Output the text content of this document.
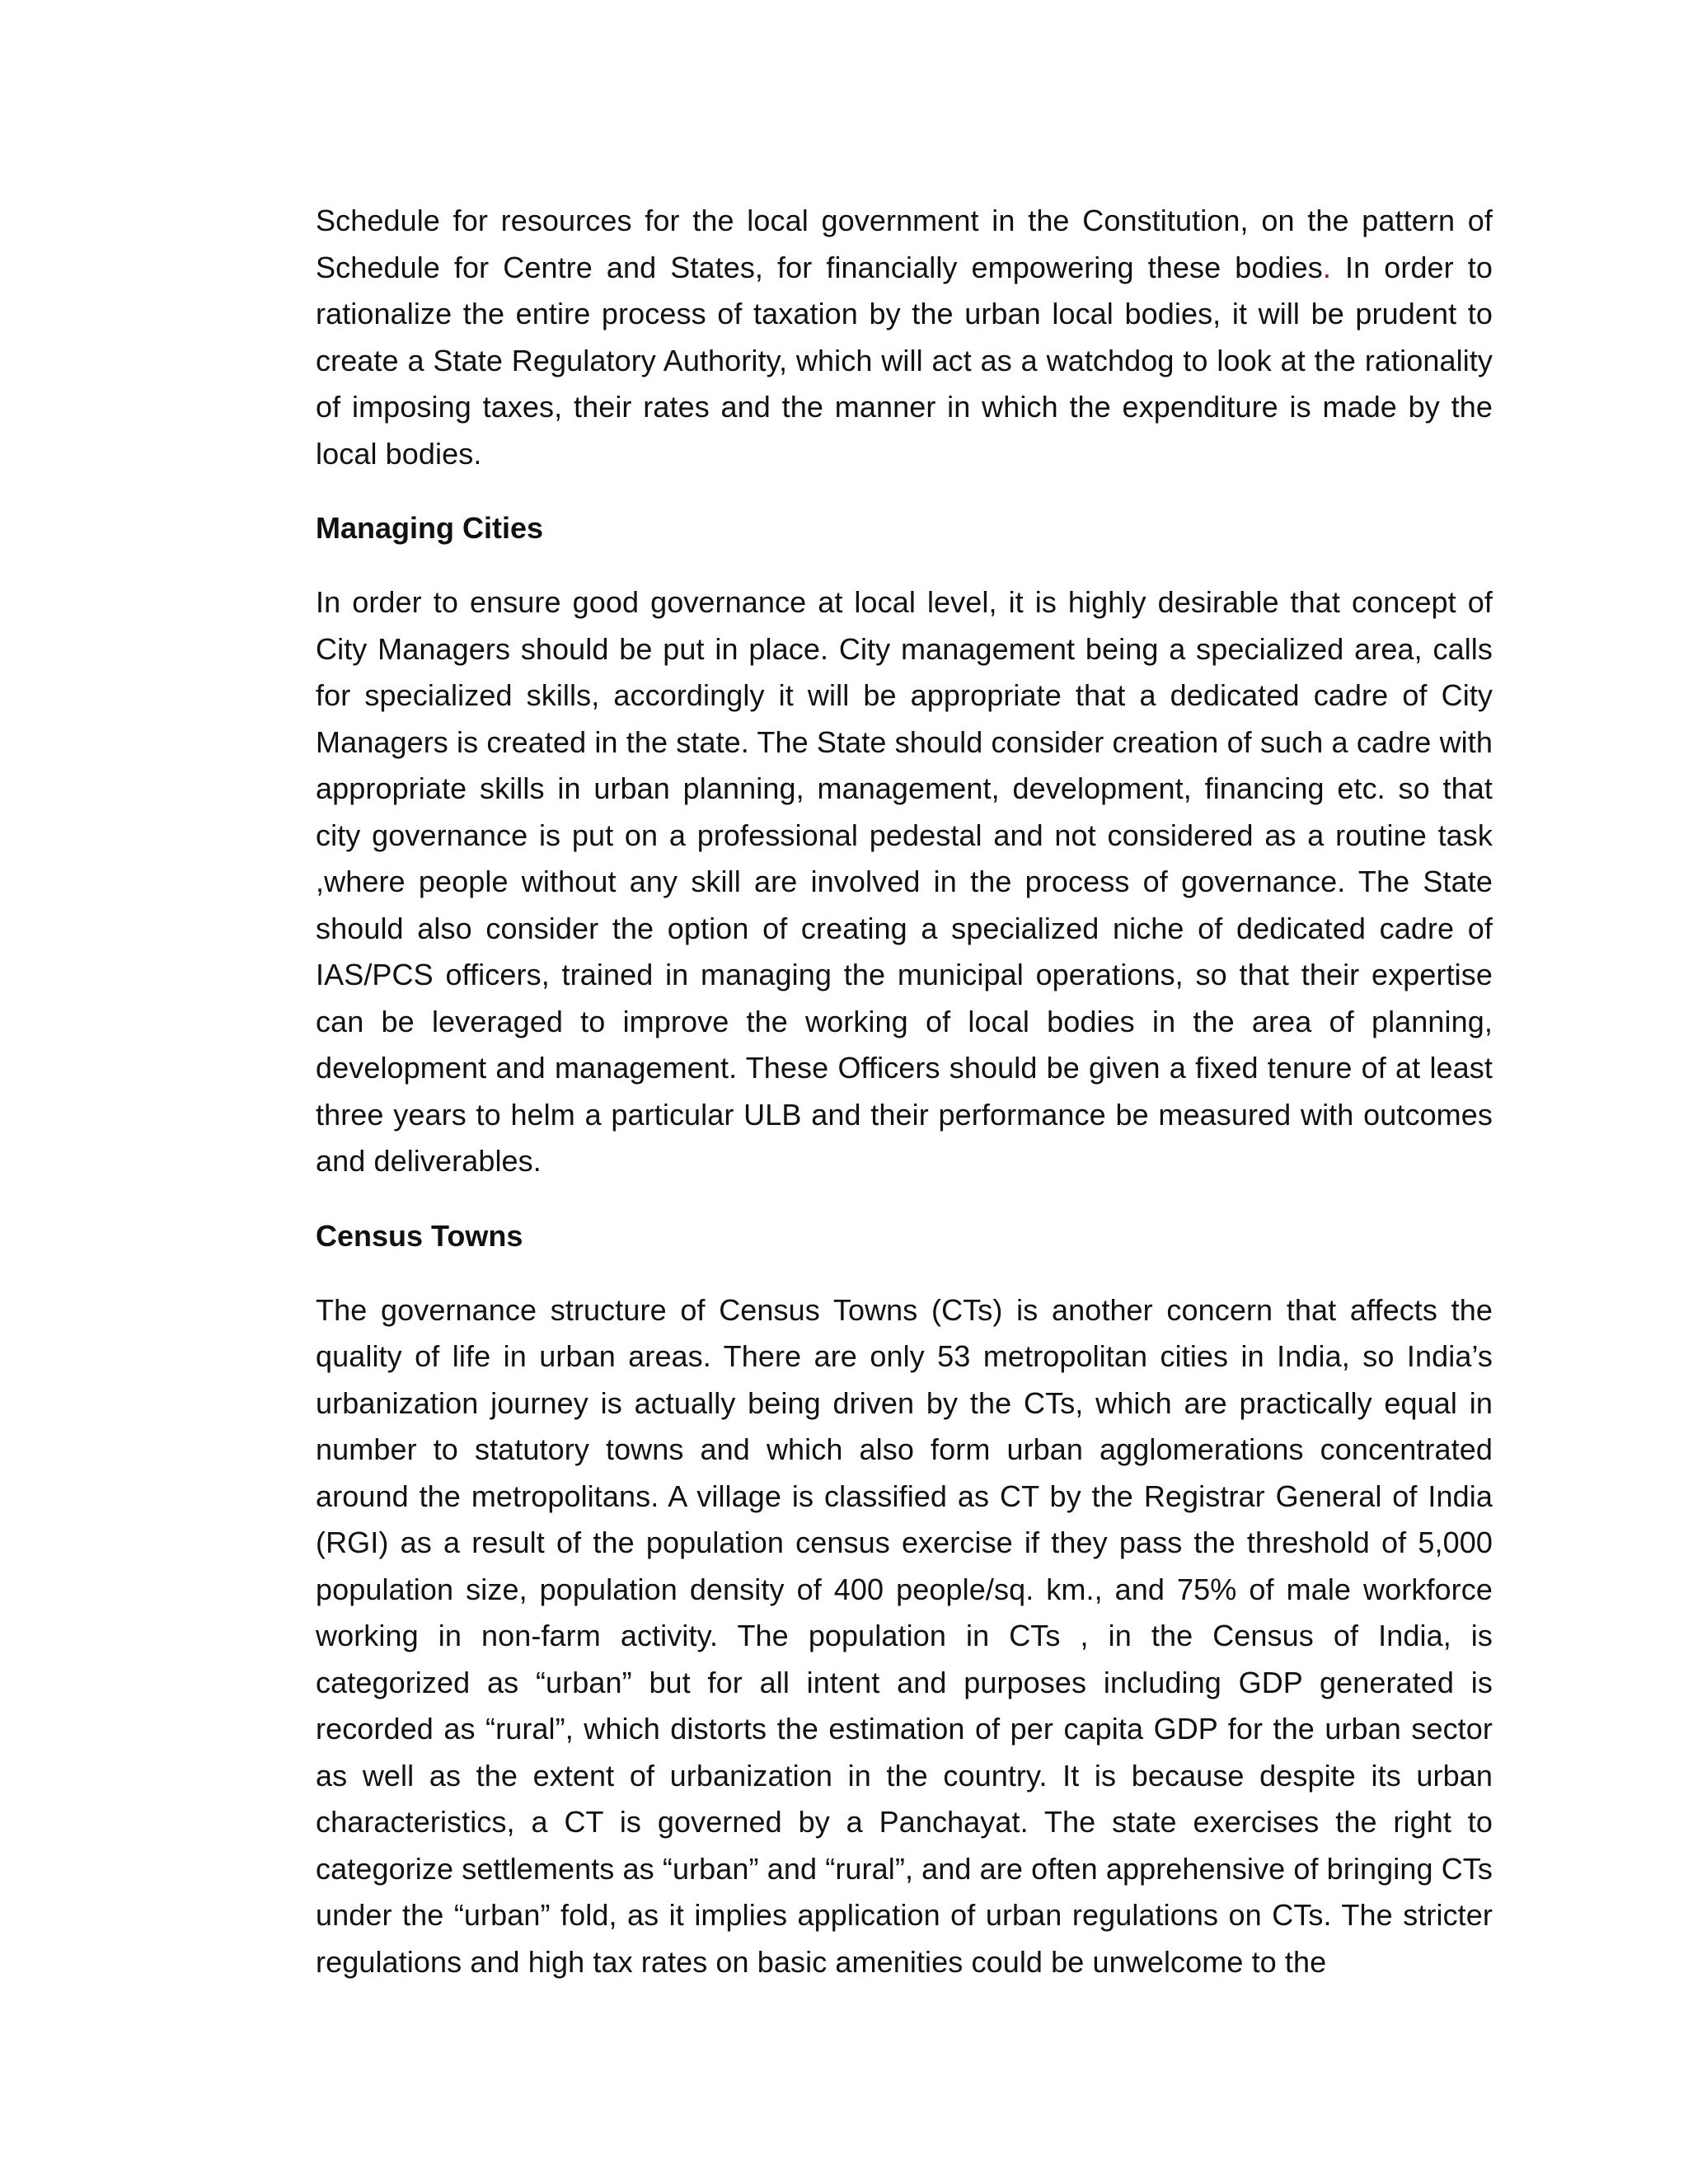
Schedule for resources for the local government in the Constitution, on the pattern of Schedule for Centre and States, for financially empowering these bodies. In order to rationalize the entire process of taxation by the urban local bodies, it will be prudent to create a State Regulatory Authority, which will act as a watchdog to look at the rationality of imposing taxes, their rates and the manner in which the expenditure is made by the local bodies.

Managing Cities

In order to ensure good governance at local level, it is highly desirable that concept of City Managers should be put in place. City management being a specialized area, calls for specialized skills, accordingly it will be appropriate that a dedicated cadre of City Managers is created in the state. The State should consider creation of such a cadre with appropriate skills in urban planning, management, development, financing etc. so that city governance is put on a professional pedestal and not considered as a routine task ,where people without any skill are involved in the process of governance. The State should also consider the option of creating a specialized niche of dedicated cadre of IAS/PCS officers, trained in managing the municipal operations, so that their expertise can be leveraged to improve the working of local bodies in the area of planning, development and management. These Officers should be given a fixed tenure of at least three years to helm a particular ULB and their performance be measured with outcomes and deliverables.

Census Towns

The governance structure of Census Towns (CTs) is another concern that affects the quality of life in urban areas. There are only 53 metropolitan cities in India, so India’s urbanization journey is actually being driven by the CTs, which are practically equal in number to statutory towns and which also form urban agglomerations concentrated around the metropolitans. A village is classified as CT by the Registrar General of India (RGI) as a result of the population census exercise if they pass the threshold of 5,000 population size, population density of 400 people/sq. km., and 75% of male workforce working in non-farm activity. The population in CTs , in the Census of India, is categorized as “urban” but for all intent and purposes including GDP generated is recorded as “rural”, which distorts the estimation of per capita GDP for the urban sector as well as the extent of urbanization in the country. It is because despite its urban characteristics, a CT is governed by a Panchayat. The state exercises the right to categorize settlements as “urban” and “rural”, and are often apprehensive of bringing CTs under the “urban” fold, as it implies application of urban regulations on CTs. The stricter regulations and high tax rates on basic amenities could be unwelcome to the
